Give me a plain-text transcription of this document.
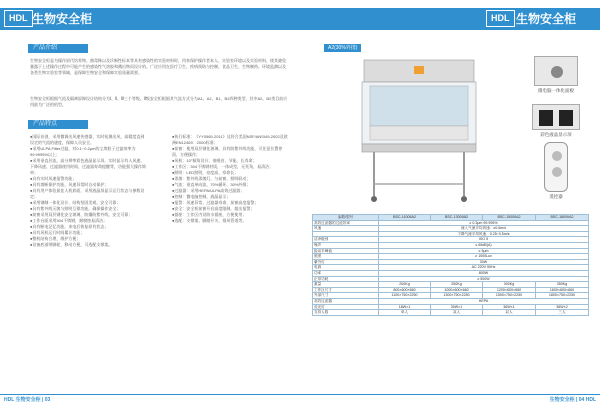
HDL 生物安全柜
产品介绍
生物安全柜是为操作原代培养物、菌毒株以及诊断性标本等具有感染性的实验材料时，用来保护操作者本人、实验室环境以及实验材料，使其避免暴露于上述操作过程中可能产生的感染性气溶胶和溅出物而设计的。广泛应用在医疗卫生、疾病预防与控制、食品卫生、生物制药、环境监测以及各类生物实验室等领域，是保障生物安全和保障实验质量需要。
生物安全柜根据气流及隔离屏障设计结构分为Ⅰ、Ⅱ、Ⅲ三个等级，Ⅱ级安全柜根据其气流方式分为A1、A2、B1、B2四种类型，其中A2、B2类目前应用最为广泛的机型。
产品特点
●国际首创，采用微调出风速传感器，实时检测出风，高精度直到设定的气流的速度，保障人员安全。
●采用ULPA Filter过滤，对0.1~0.2μm的尘埃粒子过滤效率为99.9995%以上；
●采用垂直层流，高分辨率彩色液晶显示屏，实时显示有人风速、下降风速、过滤器使用时间、过滤器寿命提醒等，功能强大操作简单；
●具有实时风速报警功能；
●具有熔断保护功能，风速异常时自动保护；
●具有用户体验最佳人机界面，采用液晶屏显示运行状态与参数设定；
●采用钢制一体化设计，结构坚固美观，安全可靠；
●具有紫外线灭菌与照明互锁功能，确保操作安全；
●前窗采用双层钢化安全玻璃，防爆防紫外线，安全可靠；
●工作台面采用304不锈钢，耐腐蚀易清洁；
●具有断电记忆功能，来电后恢复原有状态；
●具有风机运行时间累计功能；
●整机结构合理，维护方便；
●设备底部带脚轮，移动方便，可选配支撑架。
●执行标准：《YY0569-2011》及符合美国NSF/ANSI49-2002及欧洲EN12469：2000标准；
●前窗：使用双层钢化玻璃，具有防紫外线功能，可任意位置停留，方便操作；
●风机：10°倾角设计，低噪音、节能、长寿命；
●工作区：304不锈钢材质，一体成型，无死角，易清洁；
●照明：LED照明，亮度高、寿命长；
●杀菌：紫外线杀菌灯，与前窗、照明联动；
●气流：垂直单向流，70%循环，30%外排；
●过滤器：采用HEPA/ULPA高效过滤器；
●控制：微电脑控制，液晶显示；
●报警：风速异常、过滤器寿命、前窗高度报警；
●安全：安全柜前窗开启高度限制，超出报警；
●插座：工作区内设防水插座，方便使用；
●选配：支撑架、脚踏开关、排风管道等。
HDL 生物安全柜 | 03
HDL 生物安全柜
A2(30%外排)
微电脑一体化面板
彩色液晶显示屏
遥控器
参数/型号	BSC-1100IIA2	BSC-1300IIA2	BSC-1500IIA2	BSC-1800IIA2
高效过滤器的过滤效率	≥ 0.3μm 99.995%			
风速	流入气流平均风速：≥0.5m/s			
	下降气流平均风速：0.25~0.5m/s			
洁净级别	ISO 5			
噪声	≤ 65dB(A)			
振动半峰值	≤ 5μm			
照度	≥ 1000Lux			
紫外灯	30W			
电源	AC 220V 50Hz			
功率	800W			
正常功耗	≥ 500W			
重量	200Kg	250Kg	300Kg	350Kg
工作区尺寸	800×600×660	1000×600×660	1200×600×660	1600×600×660
外部尺寸	1100×750×2250	1300×750×2250	1500×750×2250	1800×750×2250
高效过滤器	HEPA			
荧光灯	18W×1	30W×1	36W×1	36W×2
支持人数	单人	双人	双人	三人
生物安全柜 | 04 HDL
